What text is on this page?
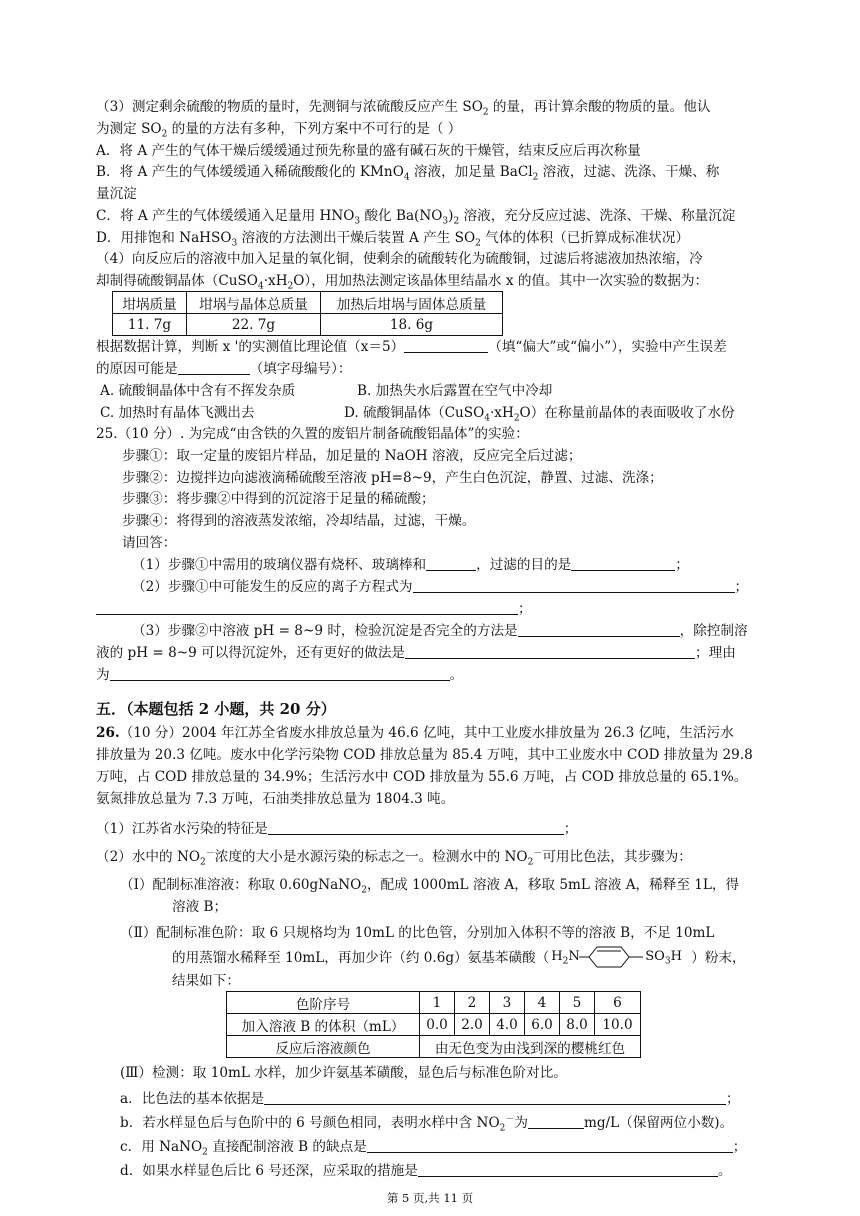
（3）测定剩余硫酸的物质的量时，先测铜与浓硫酸反应产生 $SO_2$ 的量，再计算余酸的物质的量。他认
为测定 $SO_2$ 的量的方法有多种，下列方案中不可行的是（ ）
A．将 A 产生的气体干燥后缓缓通过预先称量的盛有碱石灰的干燥管，结束反应后再次称量
B．将 A 产生的气体缓缓通入稀硫酸酸化的 KMnO$_4$ 溶液，加足量 BaCl$_2$ 溶液，过滤、洗涤、干燥、称
量沉淀
C．将 A 产生的气体缓缓通入足量用 $HNO_3$ 酸化 $Ba(NO_3)_2$ 溶液，充分反应过滤、洗涤、干燥、称量沉淀
D．用排饱和 NaHSO$_3$ 溶液的方法测出干燥后装置 A 产生 $SO_2$ 气体的体积（已折算成标准状况）
（4）向反应后的溶液中加入足量的氧化铜，使剩余的硫酸转化为硫酸铜，过滤后将滤液加热浓缩，冷
却制得硫酸铜晶体$(CuSO_4\cdot xH_2O)$，用加热法测定该晶体里结晶水 x 的值。其中一次实验的数据为：
坩埚质量	坩埚与晶体总质量	加热后坩埚与固体总质量
11. 7g	22. 7g	18. 6g
根据数据计算，判断 x '的实测值比理论值（x＝5）	（填“偏大”或“偏小”），实验中产生误差
的原因可能是	（填字母编号）：
A. 硫酸铜晶体中含有不挥发杂质	B. 加热失水后露置在空气中冷却
C. 加热时有晶体飞溅出去	D. 硫酸铜晶体$(CuSO_4\cdot xH_2O)$在称量前晶体的表面吸收了水份
25.（10 分）. 为完成“由含铁的久置的废铝片制备硫酸铝晶体”的实验：
步骤①：取一定量的废铝片样品，加足量的 NaOH 溶液，反应完全后过滤；
步骤②：边搅拌边向滤液滴稀硫酸至溶液 pH=8~9，产生白色沉淀，静置、过滤、洗涤；
步骤③：将步骤②中得到的沉淀溶于足量的稀硫酸；
步骤④：将得到的溶液蒸发浓缩，冷却结晶，过滤，干燥。
请回答：
（1）步骤①中需用的玻璃仪器有烧杯、玻璃棒和	，过滤的目的是	；
（2）步骤①中可能发生的反应的离子方程式为	；
；
（3）步骤②中溶液 pH = 8~9 时，检验沉淀是否完全的方法是	，除控制溶
液的 pH = 8~9 可以得沉淀外，还有更好的做法是	；理由
为	。
五．（本题包括 2 小题，共 20 分）
26.（10 分）2004 年江苏全省废水排放总量为 46.6 亿吨，其中工业废水排放量为 26.3 亿吨，生活污水
排放量为 20.3 亿吨。废水中化学污染物 COD 排放总量为 85.4 万吨，其中工业废水中 COD 排放量为 29.8
万吨，占 COD 排放总量的 34.9%；生活污水中 COD 排放量为 55.6 万吨，占 COD 排放总量的 65.1%。
氨氮排放总量为 7.3 万吨，石油类排放总量为 1804.3 吨。
（1）江苏省水污染的特征是	；
（2）水中的 $NO_2^-$浓度的大小是水源污染的标志之一。检测水中的 $NO_2^-$可用比色法，其步骤为：
（Ⅰ）配制标准溶液：称取 0.60gNaNO$_2$，配成 1000mL 溶液 A，移取 5mL 溶液 A，稀释至 1L，得
溶液 B；
（Ⅱ）配制标准色阶：取 6 只规格均为 10mL 的比色管，分别加入体积不等的溶液 B，不足 10mL
的用蒸馏水稀释至 10mL，再加少许（约 0.6g）氨基苯磺酸（ $H_2N$	$SO_3H$ ）粉末，
结果如下：
色阶序号	1	2	3	4	5	6
加入溶液 B 的体积（mL）	0.0	2.0	4.0	6.0	8.0	10.0
反应后溶液颜色	由无色变为由浅到深的樱桃红色					
(Ⅲ）检测：取 10mL 水样，加少许氨基苯磺酸，显色后与标准色阶对比。
a．比色法的基本依据是	；
b．若水样显色后与色阶中的 6 号颜色相同，表明水样中含 $NO_2^-$为	mg/L（保留两位小数)。
c．用 NaNO$_2$ 直接配制溶液 B 的缺点是	；
d．如果水样显色后比 6 号还深，应采取的措施是	。
第 5 页,共 11 页
